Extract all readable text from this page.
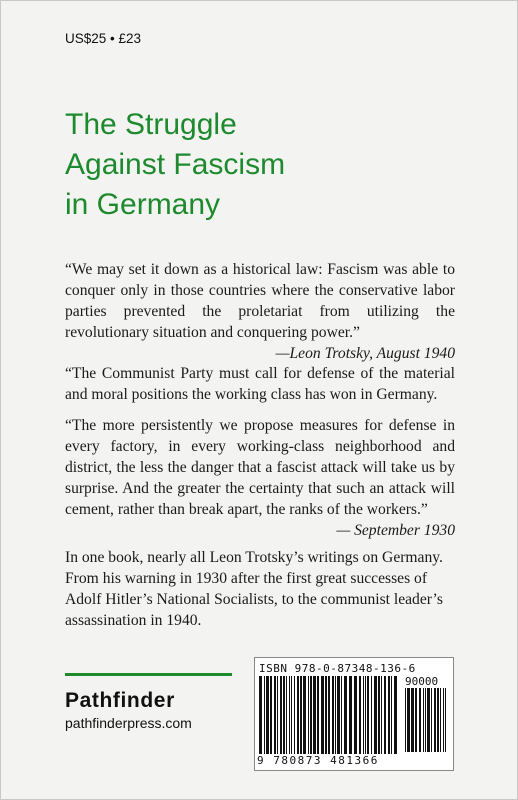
US$25 • £23
The Struggle
Against Fascism
in Germany
“We may set it down as a historical law: Fascism was able to conquer only in those countries where the conservative labor parties prevented the proletariat from utilizing the revolutionary situation and conquering power.”
—Leon Trotsky, August 1940
“The Communist Party must call for defense of the material and moral positions the working class has won in Germany.
“The more persistently we propose measures for defense in every factory, in every working-class neighborhood and district, the less the danger that a fascist attack will take us by surprise. And the greater the certainty that such an attack will cement, rather than break apart, the ranks of the workers.”
— September 1930
In one book, nearly all Leon Trotsky’s writings on Germany. From his warning in 1930 after the first great successes of Adolf Hitler’s National Socialists, to the communist leader’s assassination in 1940.
Pathfinder
pathfinderpress.com
ISBN 978-0-87348-136-6
90000
9 780873 481366
